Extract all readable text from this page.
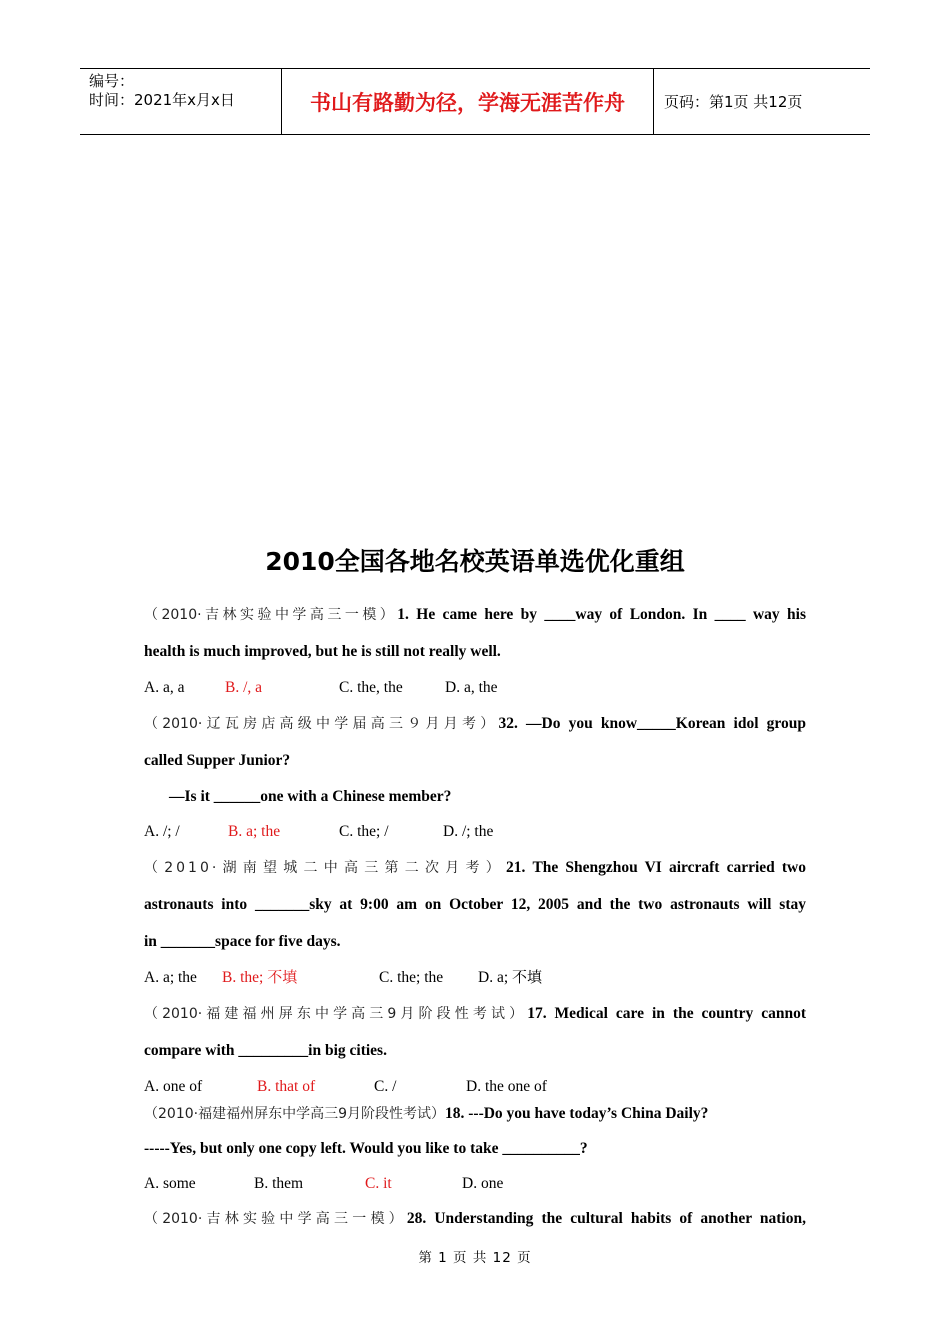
编号：
时间：2021年x月x日	书山有路勤为径，学海无涯苦作舟	页码：第1页 共12页
2010全国各地名校英语单选优化重组
（2010·吉林实验中学高三一模）1. He came here by ____way of London. In ____ way his
health is much improved, but he is still not really well.
A. a, a	B. /, a	C. the, the	D. a, the
（2010·辽瓦房店高级中学届高三９月月考）32. —Do you know_____Korean idol group
called Supper Junior?
—Is it ______one with a Chinese member?
A. /; /	B. a; the	C. the; /	D. /; the
（2010·湖南望城二中高三第二次月考）21. The Shengzhou VI aircraft carried two
astronauts into _______sky at 9:00 am on October 12, 2005 and the two astronauts will stay
in _______space for five days.
A. a; the B. the; 不填	C. the; the D. a; 不填
（2010·福建福州屏东中学高三9月阶段性考试）17. Medical care in the country cannot
compare with _________in big cities.
A. one of	B. that of	C. /	D. the one of
（2010·福建福州屏东中学高三9月阶段性考试）18. ---Do you have today’s China Daily?
-----Yes, but only one copy left. Would you like to take __________?
A. some	B. them	C. it	D. one
（2010·吉林实验中学高三一模）28. Understanding the cultural habits of another nation,
第 1 页 共 12 页
